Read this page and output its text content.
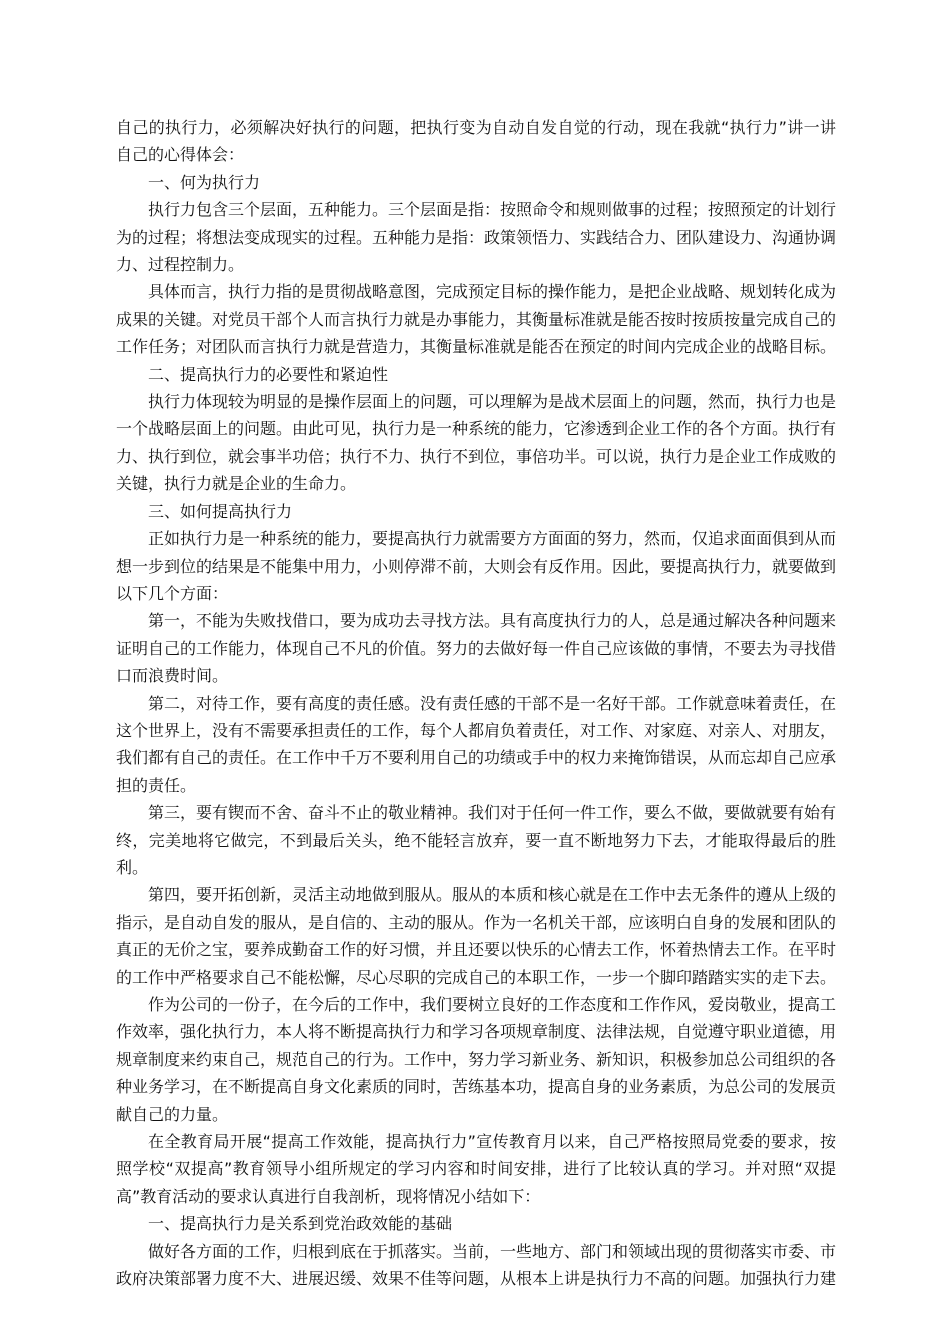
自己的执行力，必须解决好执行的问题，把执行变为自动自发自觉的行动，现在我就“执行力”讲一讲自己的心得体会：

一、何为执行力

执行力包含三个层面，五种能力。三个层面是指：按照命令和规则做事的过程；按照预定的计划行为的过程；将想法变成现实的过程。五种能力是指：政策领悟力、实践结合力、团队建设力、沟通协调力、过程控制力。

具体而言，执行力指的是贯彻战略意图，完成预定目标的操作能力，是把企业战略、规划转化成为成果的关键。对党员干部个人而言执行力就是办事能力，其衡量标准就是能否按时按质按量完成自己的工作任务；对团队而言执行力就是营造力，其衡量标准就是能否在预定的时间内完成企业的战略目标。

二、提高执行力的必要性和紧迫性

执行力体现较为明显的是操作层面上的问题，可以理解为是战术层面上的问题，然而，执行力也是一个战略层面上的问题。由此可见，执行力是一种系统的能力，它渗透到企业工作的各个方面。执行有力、执行到位，就会事半功倍；执行不力、执行不到位，事倍功半。可以说，执行力是企业工作成败的关键，执行力就是企业的生命力。

三、如何提高执行力

正如执行力是一种系统的能力，要提高执行力就需要方方面面的努力，然而，仅追求面面俱到从而想一步到位的结果是不能集中用力，小则停滞不前，大则会有反作用。因此，要提高执行力，就要做到以下几个方面：

第一，不能为失败找借口，要为成功去寻找方法。具有高度执行力的人，总是通过解决各种问题来证明自己的工作能力，体现自己不凡的价值。努力的去做好每一件自己应该做的事情，不要去为寻找借口而浪费时间。

第二，对待工作，要有高度的责任感。没有责任感的干部不是一名好干部。工作就意味着责任，在这个世界上，没有不需要承担责任的工作，每个人都肩负着责任，对工作、对家庭、对亲人、对朋友，我们都有自己的责任。在工作中千万不要利用自己的功绩或手中的权力来掩饰错误，从而忘却自己应承担的责任。

第三，要有锲而不舍、奋斗不止的敬业精神。我们对于任何一件工作，要么不做，要做就要有始有终，完美地将它做完，不到最后关头，绝不能轻言放弃，要一直不断地努力下去，才能取得最后的胜利。

第四，要开拓创新，灵活主动地做到服从。服从的本质和核心就是在工作中去无条件的遵从上级的指示，是自动自发的服从，是自信的、主动的服从。作为一名机关干部，应该明白自身的发展和团队的真正的无价之宝，要养成勤奋工作的好习惯，并且还要以快乐的心情去工作，怀着热情去工作。在平时的工作中严格要求自己不能松懈，尽心尽职的完成自己的本职工作，一步一个脚印踏踏实实的走下去。

作为公司的一份子，在今后的工作中，我们要树立良好的工作态度和工作作风，爱岗敬业，提高工作效率，强化执行力，本人将不断提高执行力和学习各项规章制度、法律法规，自觉遵守职业道德，用规章制度来约束自己，规范自己的行为。工作中，努力学习新业务、新知识，积极参加总公司组织的各种业务学习，在不断提高自身文化素质的同时，苦练基本功，提高自身的业务素质，为总公司的发展贡献自己的力量。

在全教育局开展“提高工作效能，提高执行力”宣传教育月以来，自己严格按照局党委的要求，按照学校“双提高”教育领导小组所规定的学习内容和时间安排，进行了比较认真的学习。并对照“双提高”教育活动的要求认真进行自我剖析，现将情况小结如下：

一、提高执行力是关系到党治政效能的基础

做好各方面的工作，归根到底在于抓落实。当前，一些地方、部门和领域出现的贯彻落实市委、市政府决策部署力度不大、进展迟缓、效果不佳等问题，从根本上讲是执行力不高的问题。加强执行力建
